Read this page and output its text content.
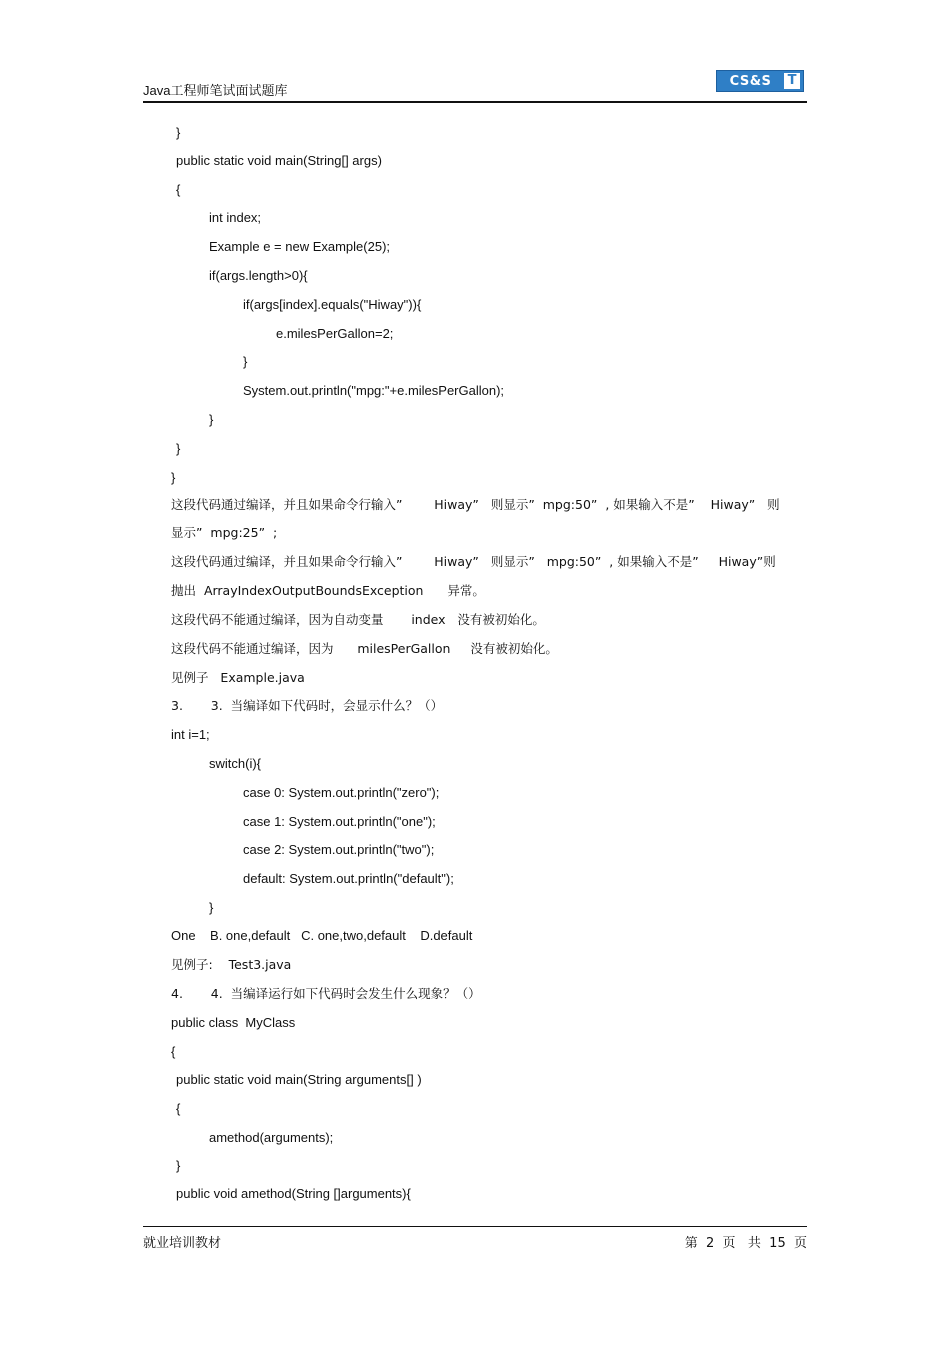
Java工程师笔试面试题库
CS&S	T
}
public static void main(String[] args)
{
int index;
Example e = new Example(25);
if(args.length>0){
if(args[index].equals("Hiway")){
e.milesPerGallon=2;
}
System.out.println("mpg:"+e.milesPerGallon);
}
}
}
这段代码通过编译，并且如果命令行输入”        Hiway”   则显示”  mpg:50”  , 如果输入不是”    Hiway”   则
显示”  mpg:25”  ;
这段代码通过编译，并且如果命令行输入”        Hiway”   则显示”   mpg:50”  , 如果输入不是”     Hiway”则
抛出  ArrayIndexOutputBoundsException      异常。
这段代码不能通过编译，因为自动变量       index   没有被初始化。
这段代码不能通过编译，因为      milesPerGallon     没有被初始化。
见例子   Example.java
3.       3.  当编译如下代码时，会显示什么？（）
int i=1;
switch(i){
case 0: System.out.println("zero");
case 1: System.out.println("one");
case 2: System.out.println("two");
default: System.out.println("default");
}
One    B. one,default   C. one,two,default    D.default
见例子:    Test3.java
4.       4.  当编译运行如下代码时会发生什么现象？（）
public class  MyClass
{
public static void main(String arguments[] )
{
amethod(arguments);
}
public void amethod(String []arguments){
就业培训教材	第  2  页   共  15  页
